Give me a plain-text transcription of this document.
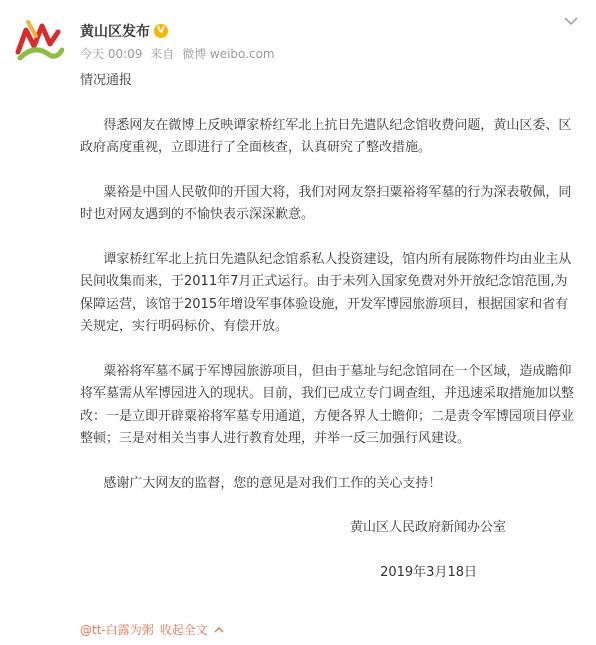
黄山区发布 V
今天 00:09 来自 微博 weibo.com

情况通报

得悉网友在微博上反映谭家桥红军北上抗日先遣队纪念馆收费问题，黄山区委、区政府高度重视，立即进行了全面核查，认真研究了整改措施。

粟裕是中国人民敬仰的开国大将，我们对网友祭扫粟裕将军墓的行为深表敬佩，同时也对网友遇到的不愉快表示深深歉意。

谭家桥红军北上抗日先遣队纪念馆系私人投资建设，馆内所有展陈物件均由业主从民间收集而来，于2011年7月正式运行。由于未列入国家免费对外开放纪念馆范围,为保障运营，该馆于2015年增设军事体验设施，开发军博园旅游项目，根据国家和省有关规定，实行明码标价、有偿开放。

粟裕将军墓不属于军博园旅游项目，但由于墓址与纪念馆同在一个区域，造成瞻仰将军墓需从军博园进入的现状。目前，我们已成立专门调查组，并迅速采取措施加以整改：一是立即开辟粟裕将军墓专用通道，方便各界人士瞻仰；二是责令军博园项目停业整顿；三是对相关当事人进行教育处理，并举一反三加强行风建设。

感谢广大网友的监督，您的意见是对我们工作的关心支持！

黄山区人民政府新闻办公室

2019年3月18日

@tt-白露为粥 收起全文
